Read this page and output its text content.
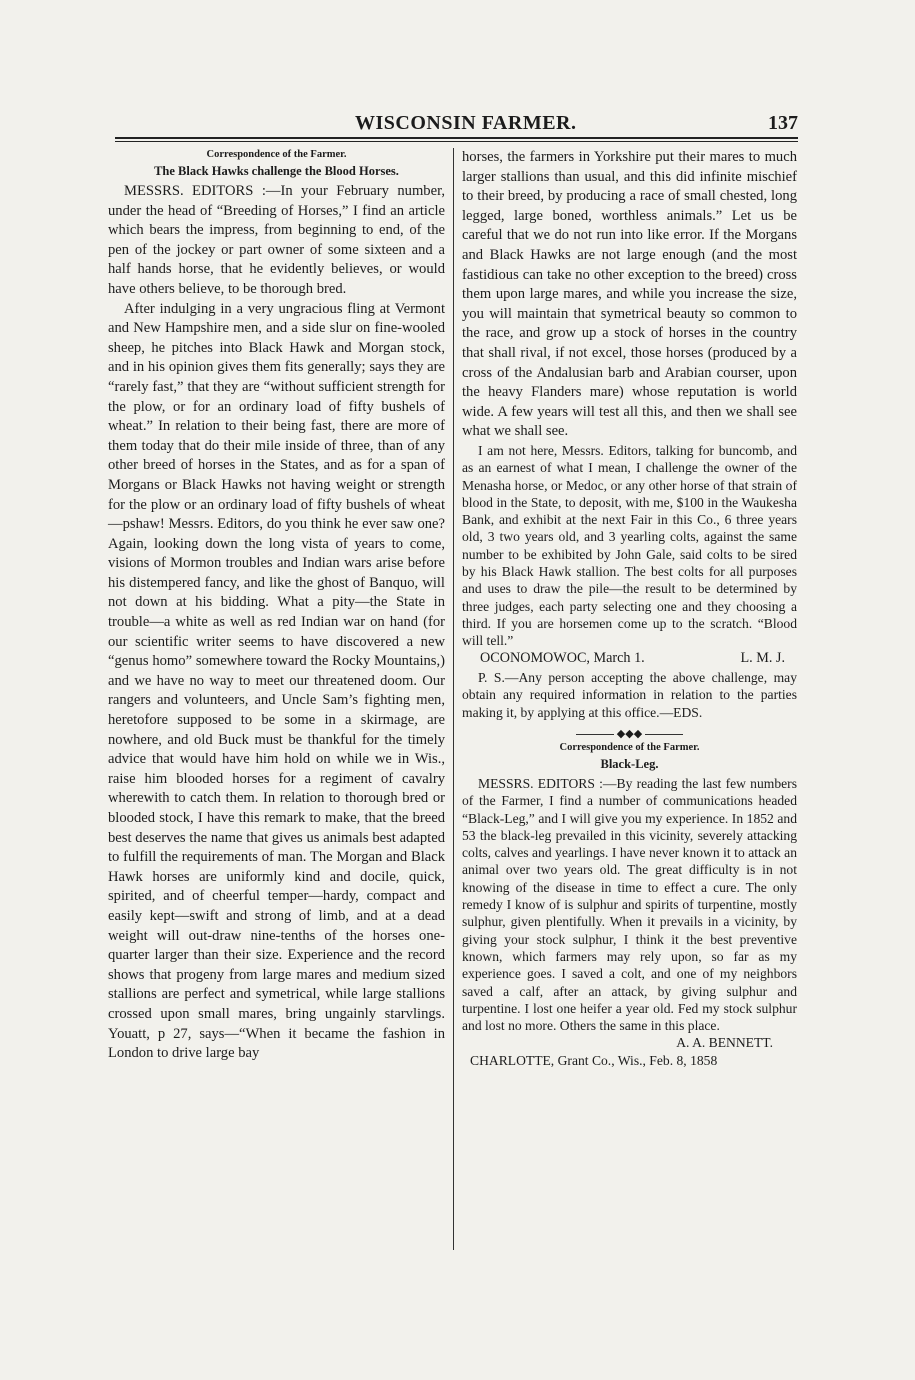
WISCONSIN FARMER.	137
Correspondence of the Farmer.
The Black Hawks challenge the Blood Horses.

MESSRS. EDITORS :—In your February number, under the head of “Breeding of Horses,” I find an article which bears the impress, from beginning to end, of the pen of the jockey or part owner of some sixteen and a half hands horse, that he evidently believes, or would have others believe, to be thorough bred.

After indulging in a very ungracious fling at Vermont and New Hampshire men, and a side slur on fine-wooled sheep, he pitches into Black Hawk and Morgan stock, and in his opinion gives them fits generally; says they are “rarely fast,” that they are “without sufficient strength for the plow, or for an ordinary load of fifty bushels of wheat.” In relation to their being fast, there are more of them today that do their mile inside of three, than of any other breed of horses in the States, and as for a span of Morgans or Black Hawks not having weight or strength for the plow or an ordinary load of fifty bushels of wheat—pshaw! Messrs. Editors, do you think he ever saw one? Again, looking down the long vista of years to come, visions of Mormon troubles and Indian wars arise before his distempered fancy, and like the ghost of Banquo, will not down at his bidding. What a pity—the State in trouble—a white as well as red Indian war on hand (for our scientific writer seems to have discovered a new “genus homo” somewhere toward the Rocky Mountains,) and we have no way to meet our threatened doom. Our rangers and volunteers, and Uncle Sam’s fighting men, heretofore supposed to be some in a skirmage, are nowhere, and old Buck must be thankful for the timely advice that would have him hold on while we in Wis., raise him blooded horses for a regiment of cavalry wherewith to catch them. In relation to thorough bred or blooded stock, I have this remark to make, that the breed best deserves the name that gives us animals best adapted to fulfill the requirements of man. The Morgan and Black Hawk horses are uniformly kind and docile, quick, spirited, and of cheerful temper—hardy, compact and easily kept—swift and strong of limb, and at a dead weight will out-draw nine-tenths of the horses one-quarter larger than their size. Experience and the record shows that progeny from large mares and medium sized stallions are perfect and symetrical, while large stallions crossed upon small mares, bring ungainly starvlings. Youatt, p 27, says—“When it became the fashion in London to drive large bay

horses, the farmers in Yorkshire put their mares to much larger stallions than usual, and this did infinite mischief to their breed, by producing a race of small chested, long legged, large boned, worthless animals.” Let us be careful that we do not run into like error. If the Morgans and Black Hawks are not large enough (and the most fastidious can take no other exception to the breed) cross them upon large mares, and while you increase the size, you will maintain that symetrical beauty so common to the race, and grow up a stock of horses in the country that shall rival, if not excel, those horses (produced by a cross of the Andalusian barb and Arabian courser, upon the heavy Flanders mare) whose reputation is world wide. A few years will test all this, and then we shall see what we shall see.

I am not here, Messrs. Editors, talking for buncomb, and as an earnest of what I mean, I challenge the owner of the Menasha horse, or Medoc, or any other horse of that strain of blood in the State, to deposit, with me, $100 in the Waukesha Bank, and exhibit at the next Fair in this Co., 6 three years old, 3 two years old, and 3 yearling colts, against the same number to be exhibited by John Gale, said colts to be sired by his Black Hawk stallion. The best colts for all purposes and uses to draw the pile—the result to be determined by three judges, each party selecting one and they choosing a third. If you are horsemen come up to the scratch. “Blood will tell.”

OCONOMOWOC, March 1.	L. M. J.

P. S.—Any person accepting the above challenge, may obtain any required information in relation to the parties making it, by applying at this office.—EDS.

◆◆◆
Correspondence of the Farmer.
Black-Leg.

MESSRS. EDITORS :—By reading the last few numbers of the Farmer, I find a number of communications headed “Black-Leg,” and I will give you my experience. In 1852 and 53 the black-leg prevailed in this vicinity, severely attacking colts, calves and yearlings. I have never known it to attack an animal over two years old. The great difficulty is in not knowing of the disease in time to effect a cure. The only remedy I know of is sulphur and spirits of turpentine, mostly sulphur, given plentifully. When it prevails in a vicinity, by giving your stock sulphur, I think it the best preventive known, which farmers may rely upon, so far as my experience goes. I saved a colt, and one of my neighbors saved a calf, after an attack, by giving sulphur and turpentine. I lost one heifer a year old. Fed my stock sulphur and lost no more. Others the same in this place.

A. A. BENNETT.
CHARLOTTE, Grant Co., Wis., Feb. 8, 1858
